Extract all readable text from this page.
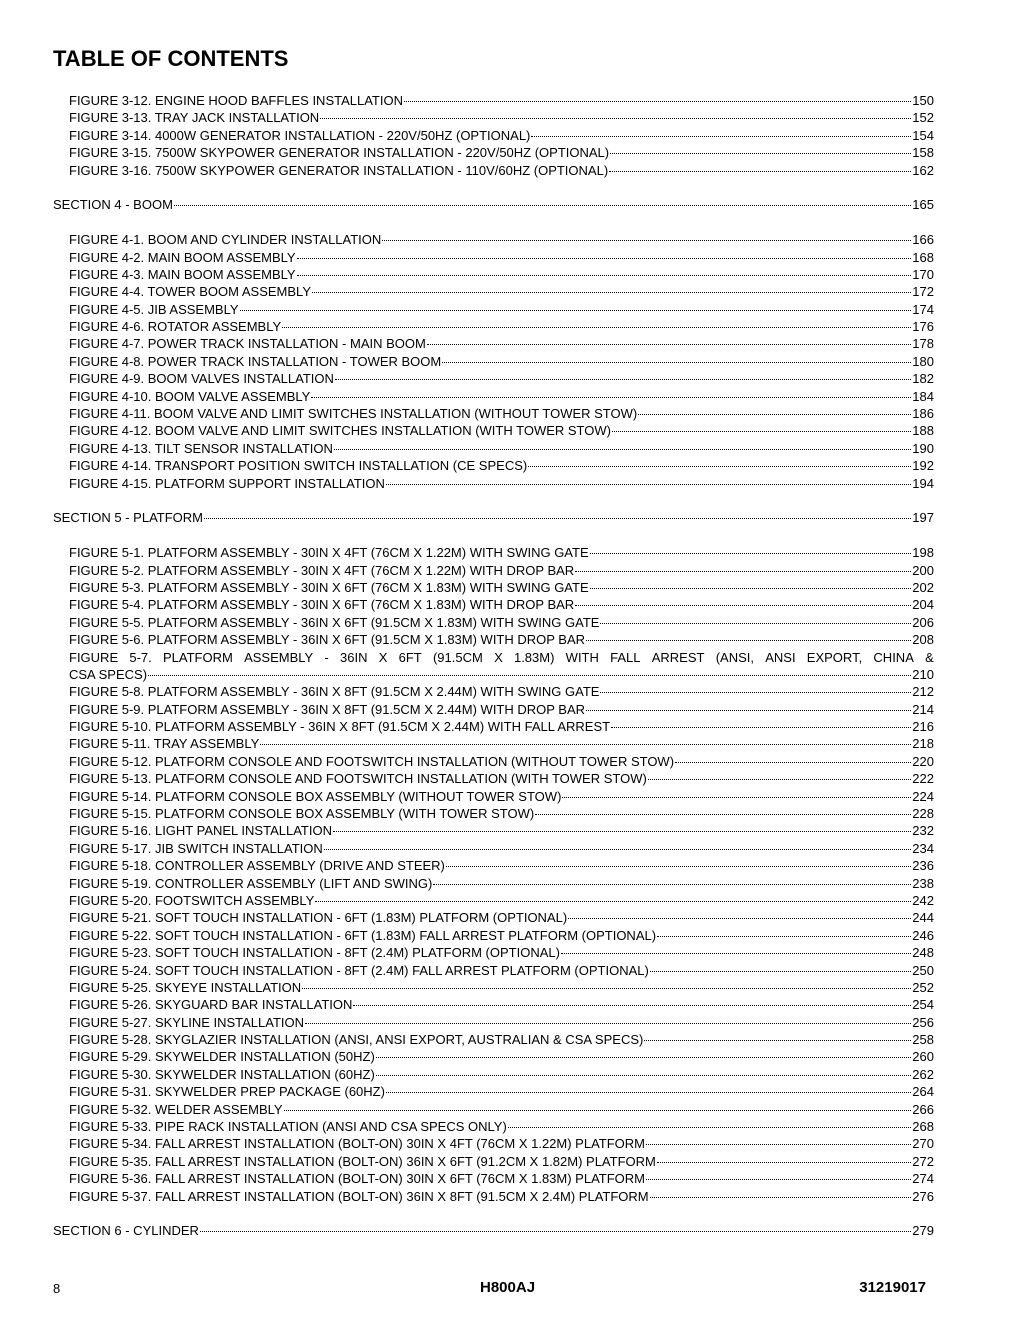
TABLE OF CONTENTS
FIGURE 3-12. ENGINE HOOD BAFFLES INSTALLATION	150
FIGURE 3-13. TRAY JACK INSTALLATION	152
FIGURE 3-14. 4000W GENERATOR INSTALLATION - 220V/50HZ (OPTIONAL)	154
FIGURE 3-15. 7500W SKYPOWER GENERATOR INSTALLATION - 220V/50HZ (OPTIONAL)	158
FIGURE 3-16. 7500W SKYPOWER GENERATOR INSTALLATION - 110V/60HZ (OPTIONAL)	162
SECTION 4 - BOOM	165
FIGURE 4-1. BOOM AND CYLINDER INSTALLATION	166
FIGURE 4-2. MAIN BOOM ASSEMBLY	168
FIGURE 4-3. MAIN BOOM ASSEMBLY	170
FIGURE 4-4. TOWER BOOM ASSEMBLY	172
FIGURE 4-5. JIB ASSEMBLY	174
FIGURE 4-6. ROTATOR ASSEMBLY	176
FIGURE 4-7. POWER TRACK INSTALLATION - MAIN BOOM	178
FIGURE 4-8. POWER TRACK INSTALLATION - TOWER BOOM	180
FIGURE 4-9. BOOM VALVES INSTALLATION	182
FIGURE 4-10. BOOM VALVE ASSEMBLY	184
FIGURE 4-11. BOOM VALVE AND LIMIT SWITCHES INSTALLATION (WITHOUT TOWER STOW)	186
FIGURE 4-12. BOOM VALVE AND LIMIT SWITCHES INSTALLATION (WITH TOWER STOW)	188
FIGURE 4-13. TILT SENSOR INSTALLATION	190
FIGURE 4-14. TRANSPORT POSITION SWITCH INSTALLATION (CE SPECS)	192
FIGURE 4-15. PLATFORM SUPPORT INSTALLATION	194
SECTION 5 - PLATFORM	197
FIGURE 5-1. PLATFORM ASSEMBLY - 30IN X 4FT (76CM X 1.22M) WITH SWING GATE	198
FIGURE 5-2. PLATFORM ASSEMBLY - 30IN X 4FT (76CM X 1.22M) WITH DROP BAR	200
FIGURE 5-3. PLATFORM ASSEMBLY - 30IN X 6FT (76CM X 1.83M) WITH SWING GATE	202
FIGURE 5-4. PLATFORM ASSEMBLY - 30IN X 6FT (76CM X 1.83M) WITH DROP BAR	204
FIGURE 5-5. PLATFORM ASSEMBLY - 36IN X 6FT (91.5CM X 1.83M) WITH SWING GATE	206
FIGURE 5-6. PLATFORM ASSEMBLY - 36IN X 6FT (91.5CM X 1.83M) WITH DROP BAR	208
FIGURE 5-7. PLATFORM ASSEMBLY - 36IN X 6FT (91.5CM X 1.83M) WITH FALL ARREST (ANSI, ANSI EXPORT, CHINA &
CSA SPECS)	210
FIGURE 5-8. PLATFORM ASSEMBLY - 36IN X 8FT (91.5CM X 2.44M) WITH SWING GATE	212
FIGURE 5-9. PLATFORM ASSEMBLY - 36IN X 8FT (91.5CM X 2.44M) WITH DROP BAR	214
FIGURE 5-10. PLATFORM ASSEMBLY - 36IN X 8FT (91.5CM X 2.44M) WITH FALL ARREST	216
FIGURE 5-11. TRAY ASSEMBLY	218
FIGURE 5-12. PLATFORM CONSOLE AND FOOTSWITCH INSTALLATION (WITHOUT TOWER STOW)	220
FIGURE 5-13. PLATFORM CONSOLE AND FOOTSWITCH INSTALLATION (WITH TOWER STOW)	222
FIGURE 5-14. PLATFORM CONSOLE BOX ASSEMBLY (WITHOUT TOWER STOW)	224
FIGURE 5-15. PLATFORM CONSOLE BOX ASSEMBLY (WITH TOWER STOW)	228
FIGURE 5-16. LIGHT PANEL INSTALLATION	232
FIGURE 5-17. JIB SWITCH INSTALLATION	234
FIGURE 5-18. CONTROLLER ASSEMBLY (DRIVE AND STEER)	236
FIGURE 5-19. CONTROLLER ASSEMBLY (LIFT AND SWING)	238
FIGURE 5-20. FOOTSWITCH ASSEMBLY	242
FIGURE 5-21. SOFT TOUCH INSTALLATION - 6FT (1.83M) PLATFORM (OPTIONAL)	244
FIGURE 5-22. SOFT TOUCH INSTALLATION - 6FT (1.83M) FALL ARREST PLATFORM (OPTIONAL)	246
FIGURE 5-23. SOFT TOUCH INSTALLATION - 8FT (2.4M) PLATFORM (OPTIONAL)	248
FIGURE 5-24. SOFT TOUCH INSTALLATION - 8FT (2.4M) FALL ARREST PLATFORM (OPTIONAL)	250
FIGURE 5-25. SKYEYE INSTALLATION	252
FIGURE 5-26. SKYGUARD BAR INSTALLATION	254
FIGURE 5-27. SKYLINE INSTALLATION	256
FIGURE 5-28. SKYGLAZIER INSTALLATION (ANSI, ANSI EXPORT, AUSTRALIAN & CSA SPECS)	258
FIGURE 5-29. SKYWELDER INSTALLATION (50HZ)	260
FIGURE 5-30. SKYWELDER INSTALLATION (60HZ)	262
FIGURE 5-31. SKYWELDER PREP PACKAGE (60HZ)	264
FIGURE 5-32. WELDER ASSEMBLY	266
FIGURE 5-33. PIPE RACK INSTALLATION (ANSI AND CSA SPECS ONLY)	268
FIGURE 5-34. FALL ARREST INSTALLATION (BOLT-ON) 30IN X 4FT (76CM X 1.22M) PLATFORM	270
FIGURE 5-35. FALL ARREST INSTALLATION (BOLT-ON) 36IN X 6FT (91.2CM X 1.82M) PLATFORM	272
FIGURE 5-36. FALL ARREST INSTALLATION (BOLT-ON) 30IN X 6FT (76CM X 1.83M) PLATFORM	274
FIGURE 5-37. FALL ARREST INSTALLATION (BOLT-ON) 36IN X 8FT (91.5CM X 2.4M) PLATFORM	276
SECTION 6 - CYLINDER	279
8	H800AJ	31219017
